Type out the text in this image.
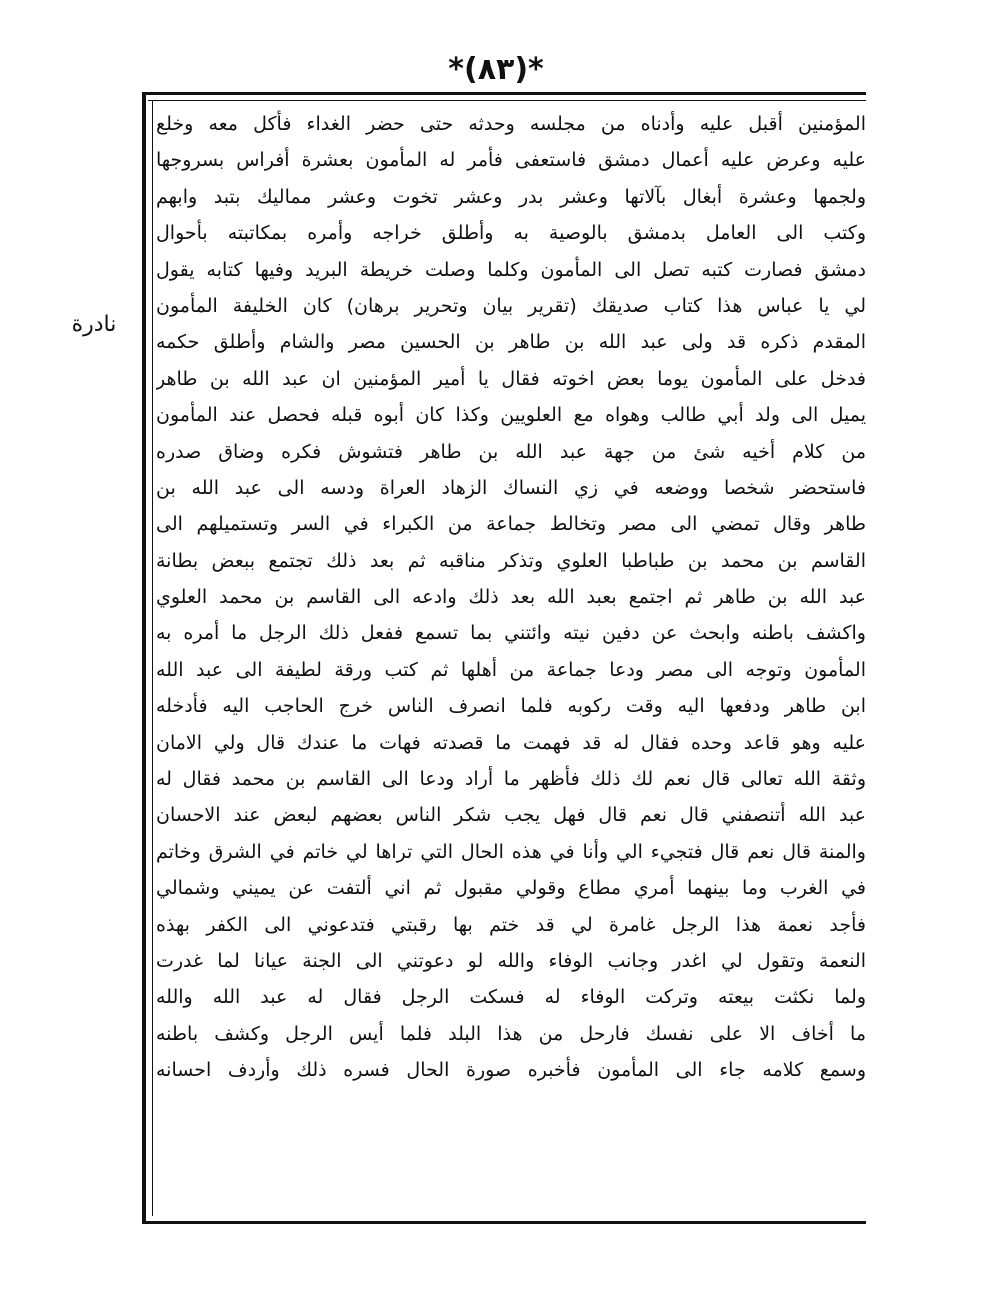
*(٨٣)*
نادرة
المؤمنين أقبل عليه وأدناه من مجلسه وحدثه حتى حضر الغداء فأكل معه وخلع
عليه وعرض عليه أعمال دمشق فاستعفى فأمر له المأمون بعشرة أفراس بسروجها
ولجمها وعشرة أبغال بآلاتها وعشر بدر وعشر تخوت وعشر مماليك بتبد وابهم
وكتب الى العامل بدمشق بالوصية به وأطلق خراجه وأمره بمكاتبته بأحوال
دمشق فصارت كتبه تصل الى المأمون وكلما وصلت خريطة البريد وفيها كتابه يقول
لي يا عباس هذا كتاب صديقك (تقرير بيان وتحرير برهان) كان الخليفة المأمون
المقدم ذكره قد ولى عبد الله بن طاهر بن الحسين مصر والشام وأطلق حكمه
فدخل على المأمون يوما بعض اخوته فقال يا أمير المؤمنين ان عبد الله بن طاهر
يميل الى ولد أبي طالب وهواه مع العلويين وكذا كان أبوه قبله فحصل عند المأمون
من كلام أخيه شئ من جهة عبد الله بن طاهر فتشوش فكره وضاق صدره
فاستحضر شخصا ووضعه في زي النساك الزهاد العراة ودسه الى عبد الله بن
طاهر وقال تمضي الى مصر وتخالط جماعة من الكبراء في السر وتستميلهم الى
القاسم بن محمد بن طباطبا العلوي وتذكر مناقبه ثم بعد ذلك تجتمع ببعض بطانة
عبد الله بن طاهر ثم اجتمع بعبد الله بعد ذلك وادعه الى القاسم بن محمد العلوي
واكشف باطنه وابحث عن دفين نيته وائتني بما تسمع ففعل ذلك الرجل ما أمره به
المأمون وتوجه الى مصر ودعا جماعة من أهلها ثم كتب ورقة لطيفة الى عبد الله
ابن طاهر ودفعها اليه وقت ركوبه فلما انصرف الناس خرج الحاجب اليه فأدخله
عليه وهو قاعد وحده فقال له قد فهمت ما قصدته فهات ما عندك قال ولي الامان
وثقة الله تعالى قال نعم لك ذلك فأظهر ما أراد ودعا الى القاسم بن محمد فقال له
عبد الله أتنصفني قال نعم قال فهل يجب شكر الناس بعضهم لبعض عند الاحسان
والمنة قال نعم قال فتجيء الي وأنا في هذه الحال التي تراها لي خاتم في الشرق وخاتم
في الغرب وما بينهما أمري مطاع وقولي مقبول ثم اني ألتفت عن يميني وشمالي
فأجد نعمة هذا الرجل غامرة لي قد ختم بها رقبتي فتدعوني الى الكفر بهذه
النعمة وتقول لي اغدر وجانب الوفاء والله لو دعوتني الى الجنة عيانا لما غدرت
ولما نكثت بيعته وتركت الوفاء له فسكت الرجل فقال له عبد الله والله
ما أخاف الا على نفسك فارحل من هذا البلد فلما أيس الرجل وكشف باطنه
وسمع كلامه جاء الى المأمون فأخبره صورة الحال فسره ذلك وأردف احسانه
